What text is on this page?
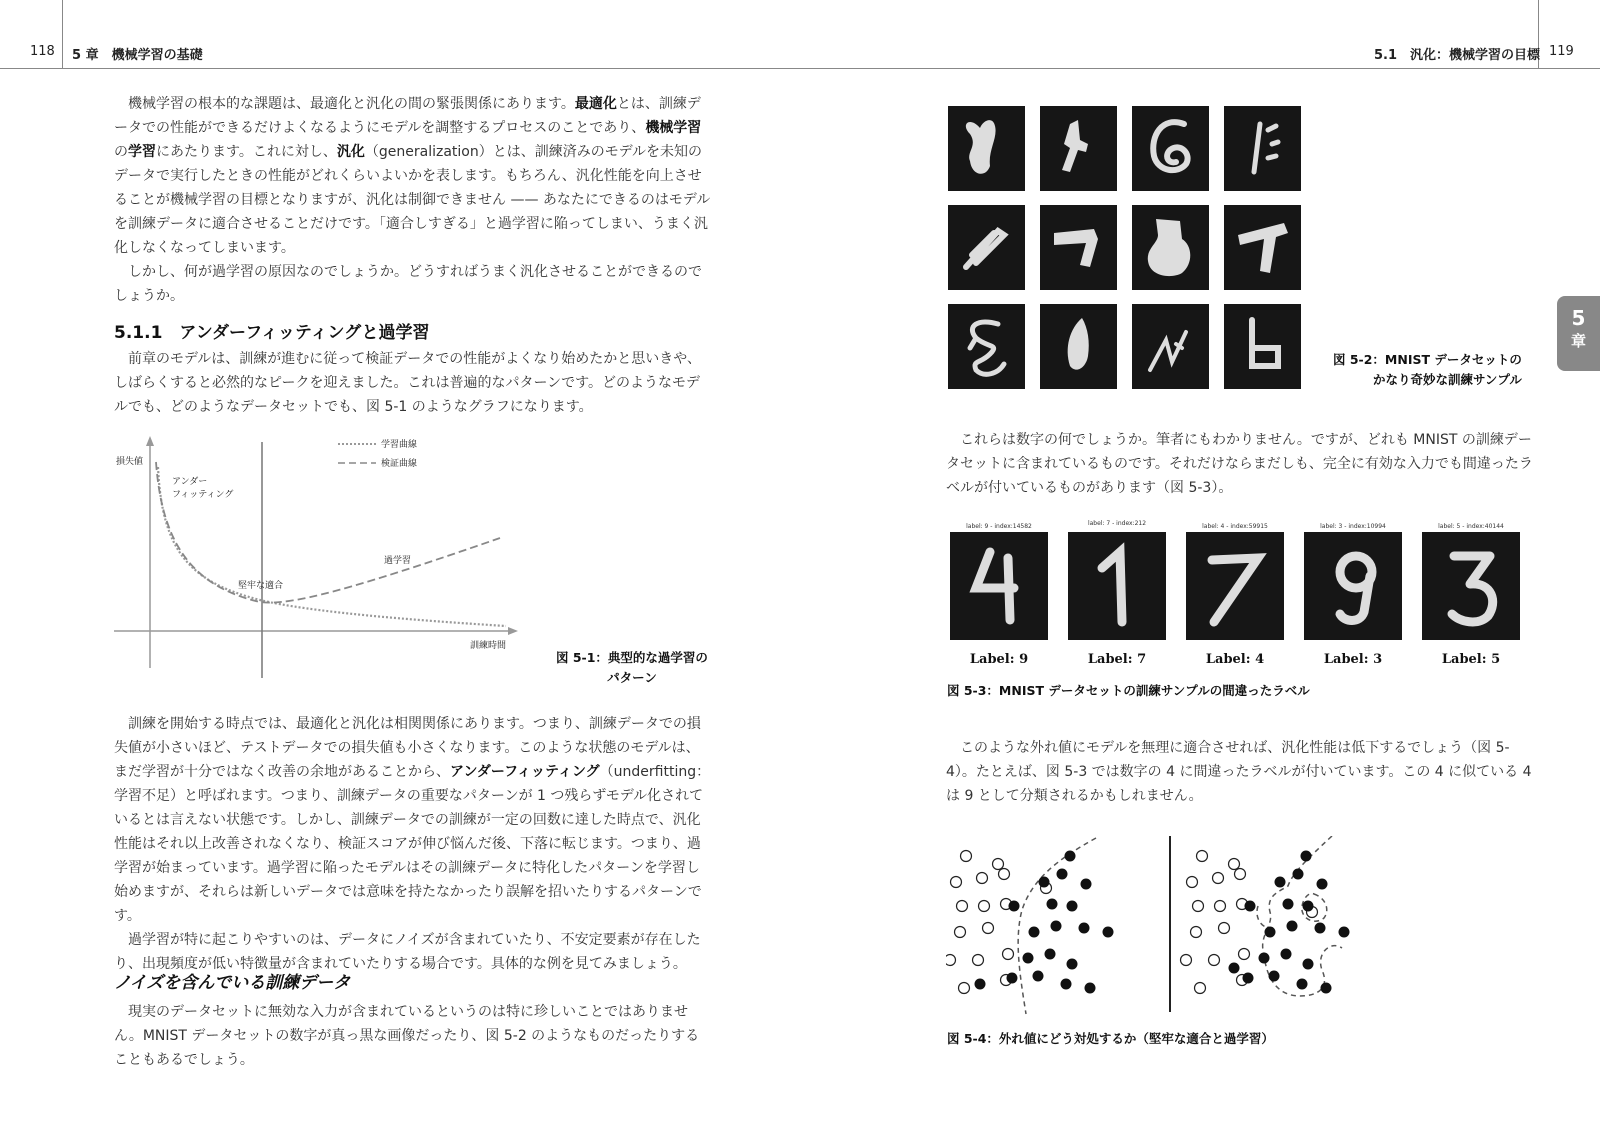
118 5 章　機械学習の基礎	5.1　汎化：機械学習の目標 119
5
章

機械学習の根本的な課題は、最適化と汎化の間の緊張関係にあります。最適化とは、訓練データでの性能ができるだけよくなるようにモデルを調整するプロセスのことであり、機械学習の学習にあたります。これに対し、汎化（generalization）とは、訓練済みのモデルを未知のデータで実行したときの性能がどれくらいよいかを表します。もちろん、汎化性能を向上させることが機械学習の目標となりますが、汎化は制御できません —— あなたにできるのはモデルを訓練データに適合させることだけです。「適合しすぎる」と過学習に陥ってしまい、うまく汎化しなくなってしまいます。

しかし、何が過学習の原因なのでしょうか。どうすればうまく汎化させることができるのでしょうか。

5.1.1　アンダーフィッティングと過学習

前章のモデルは、訓練が進むに従って検証データでの性能がよくなり始めたかと思いきや、しばらくすると必然的なピークを迎えました。これは普遍的なパターンです。どのようなモデルでも、どのようなデータセットでも、図 5-1 のようなグラフになります。

学習曲線
検証曲線
損失値
アンダー
フィッティング
堅牢な適合
過学習
訓練時間
図 5-1：典型的な過学習の
パターン

訓練を開始する時点では、最適化と汎化は相関関係にあります。つまり、訓練データでの損失値が小さいほど、テストデータでの損失値も小さくなります。このような状態のモデルは、まだ学習が十分ではなく改善の余地があることから、アンダーフィッティング（underfitting：学習不足）と呼ばれます。つまり、訓練データの重要なパターンが 1 つ残らずモデル化されているとは言えない状態です。しかし、訓練データでの訓練が一定の回数に達した時点で、汎化性能はそれ以上改善されなくなり、検証スコアが伸び悩んだ後、下落に転じます。つまり、過学習が始まっています。過学習に陥ったモデルはその訓練データに特化したパターンを学習し始めますが、それらは新しいデータでは意味を持たなかったり誤解を招いたりするパターンです。

過学習が特に起こりやすいのは、データにノイズが含まれていたり、不安定要素が存在したり、出現頻度が低い特徴量が含まれていたりする場合です。具体的な例を見てみましょう。

ノイズを含んでいる訓練データ

現実のデータセットに無効な入力が含まれているというのは特に珍しいことではありません。MNIST データセットの数字が真っ黒な画像だったり、図 5-2 のようなものだったりすることもあるでしょう。

図 5-2：MNIST データセットの
かなり奇妙な訓練サンプル

これらは数字の何でしょうか。筆者にもわかりません。ですが、どれも MNIST の訓練データセットに含まれているものです。それだけならまだしも、完全に有効な入力でも間違ったラベルが付いているものがあります（図 5-3）。

label: 9 - index:14582	label: 7 - index:212	label: 4 - index:59915	label: 3 - index:10994	label: 5 - index:40144
Label: 9	Label: 7	Label: 4	Label: 3	Label: 5
図 5-3：MNIST データセットの訓練サンプルの間違ったラベル

このような外れ値にモデルを無理に適合させれば、汎化性能は低下するでしょう（図 5-4）。たとえば、図 5-3 では数字の 4 に間違ったラベルが付いています。この 4 に似ている 4 は 9 として分類されるかもしれません。

図 5-4：外れ値にどう対処するか（堅牢な適合と過学習）
